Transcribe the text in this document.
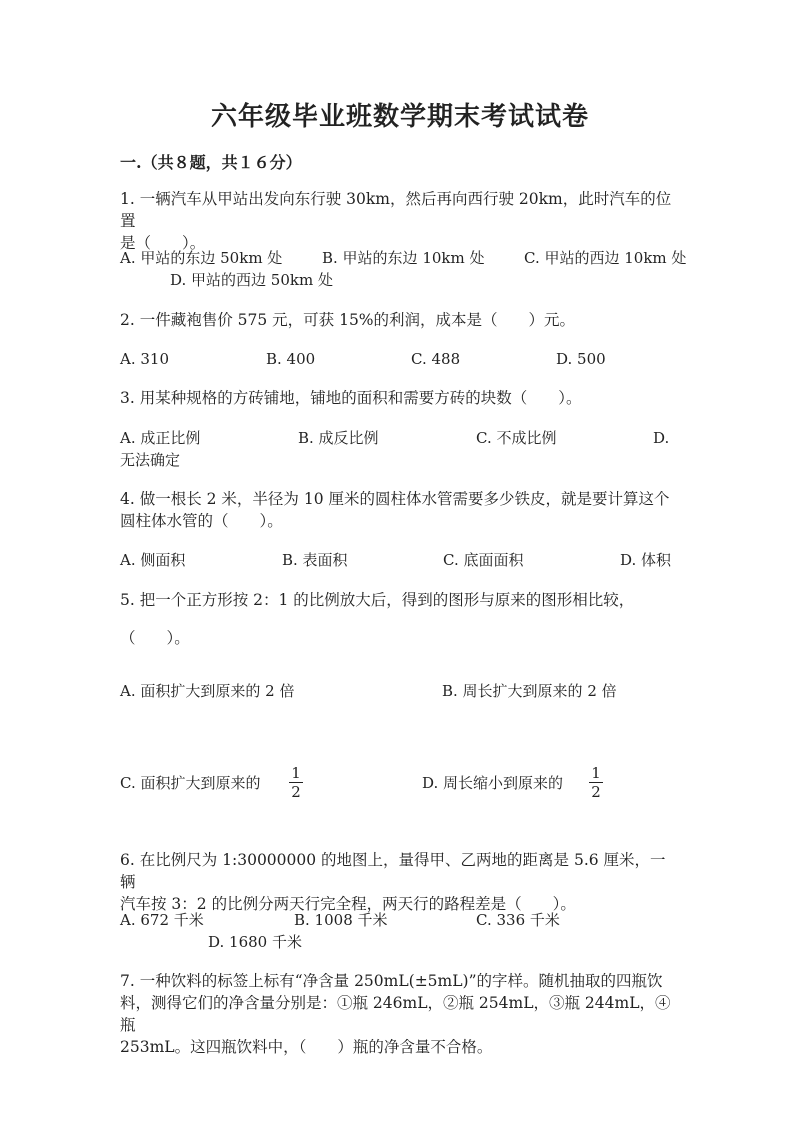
六年级毕业班数学期末考试试卷
一.（共８题，共１６分）
1. 一辆汽车从甲站出发向东行驶 30km，然后再向西行驶 20km，此时汽车的位置
是（　　）。
A. 甲站的东边 50km 处	B. 甲站的东边 10km 处	C. 甲站的西边 10km 处
D. 甲站的西边 50km 处
2. 一件藏袍售价 575 元，可获 15%的利润，成本是（　　）元。
A. 310	B. 400	C. 488	D. 500
3. 用某种规格的方砖铺地，铺地的面积和需要方砖的块数（　　）。
A. 成正比例	B. 成反比例	C. 不成比例	D.
无法确定
4. 做一根长 2 米，半径为 10 厘米的圆柱体水管需要多少铁皮，就是要计算这个
圆柱体水管的（　　）。
A. 侧面积	B. 表面积	C. 底面面积	D. 体积
5. 把一个正方形按 2：1 的比例放大后，得到的图形与原来的图形相比较，
（　　）。
A. 面积扩大到原来的 2 倍	B. 周长扩大到原来的 2 倍
C. 面积扩大到原来的
1
2	D. 周长缩小到原来的
1
2
6. 在比例尺为 1:30000000 的地图上，量得甲、乙两地的距离是 5.6 厘米，一辆
汽车按 3：2 的比例分两天行完全程，两天行的路程差是（　　）。
A. 672 千米	B. 1008 千米	C. 336 千米
D. 1680 千米
7. 一种饮料的标签上标有“净含量 250mL(±5mL)”的字样。随机抽取的四瓶饮
料，测得它们的净含量分别是：①瓶 246mL，②瓶 254mL，③瓶 244mL，④瓶
253mL。这四瓶饮料中，（　　）瓶的净含量不合格。
